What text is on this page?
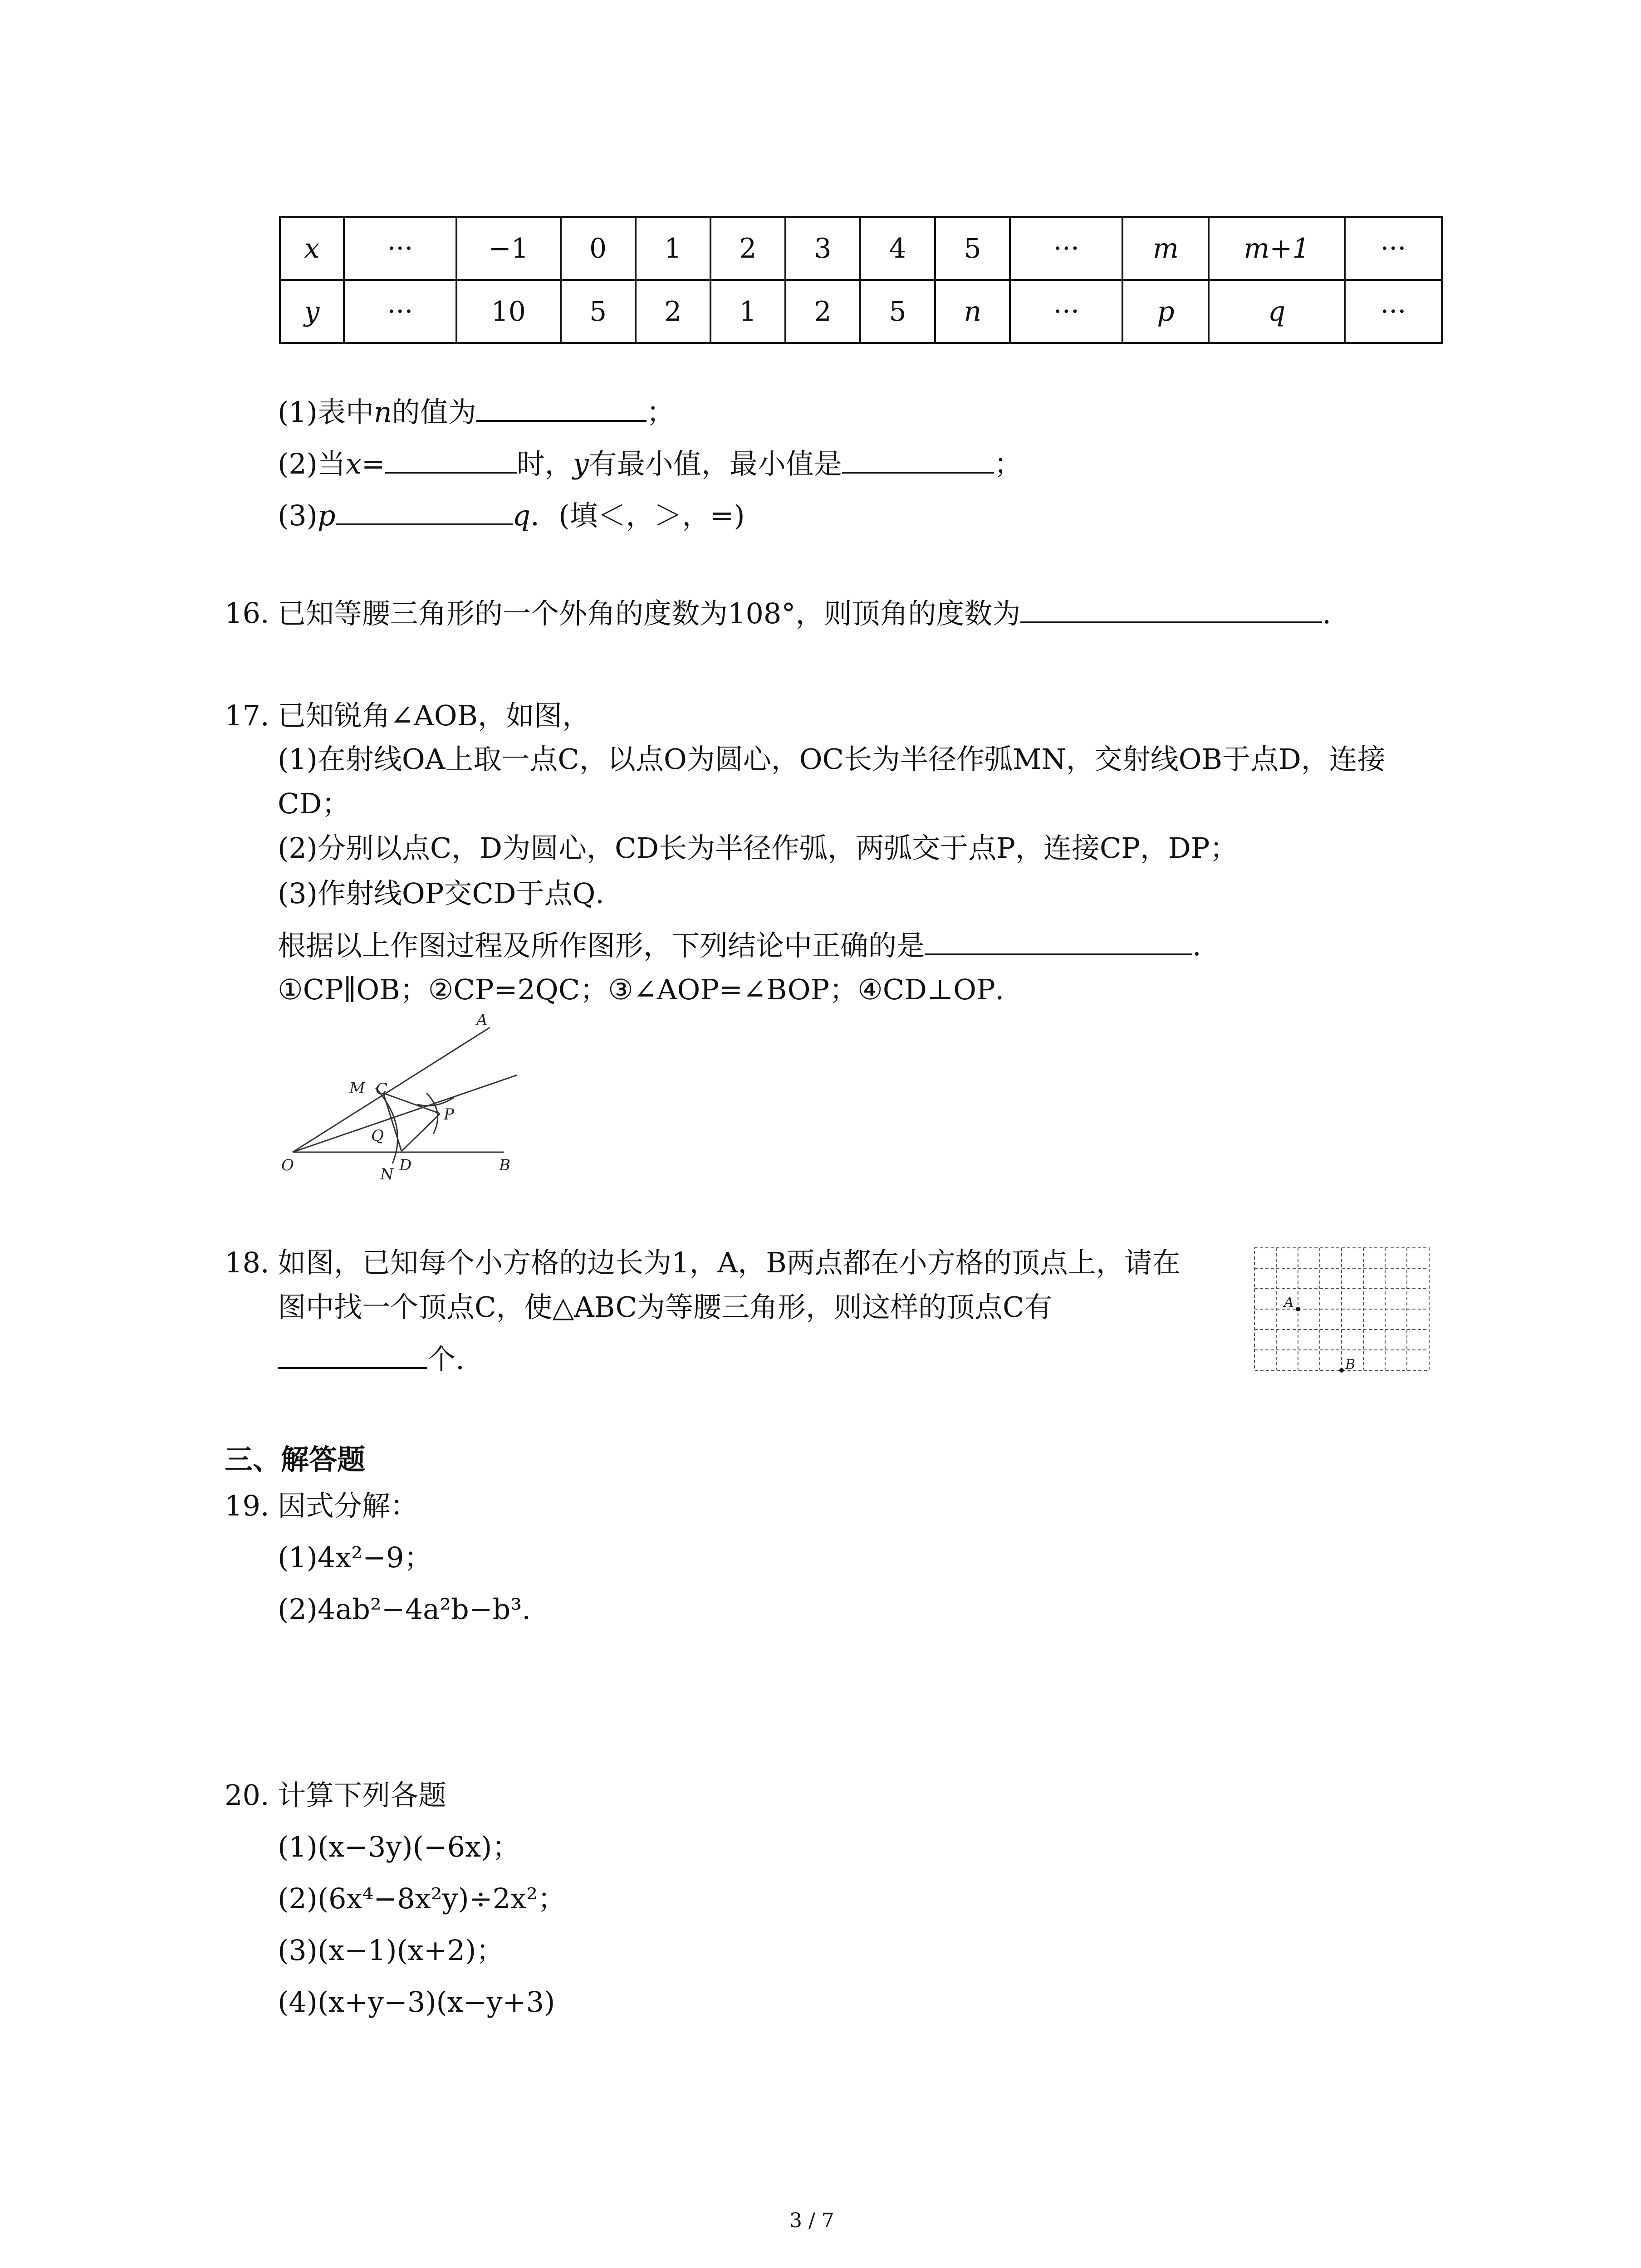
x	···	−1	0	1	2	3	4	5	···	m	m+1	···
y	···	10	5	2	1	2	5	n	···	p	q	···
(1)表中n的值为	；
(2)当x=	时，y有最小值，最小值是	；
(3)p	q．(填＜，＞，=)
16. 已知等腰三角形的一个外角的度数为108°，则顶角的度数为	.
17. 已知锐角∠AOB，如图，
(1)在射线OA上取一点C，以点O为圆心，OC长为半径作弧MN，交射线OB于点D，连接
CD；
(2)分别以点C，D为圆心，CD长为半径作弧，两弧交于点P，连接CP，DP；
(3)作射线OP交CD于点Q．
根据以上作图过程及所作图形，下列结论中正确的是	.
①CP∥OB；②CP=2QC；③∠AOP=∠BOP；④CD⊥OP．
A
M C
P
Q
O	N D	B
18. 如图，已知每个小方格的边长为1，A，B两点都在小方格的顶点上，请在
图中找一个顶点C，使△ABC为等腰三角形，则这样的顶点C有
个.
A
B
三、解答题
19. 因式分解：
(1)4x²−9；
(2)4ab²−4a²b−b³.
20. 计算下列各题
(1)(x−3y)(−6x)；
(2)(6x⁴−8x²y)÷2x²；
(3)(x−1)(x+2)；
(4)(x+y−3)(x−y+3)
3 / 7
